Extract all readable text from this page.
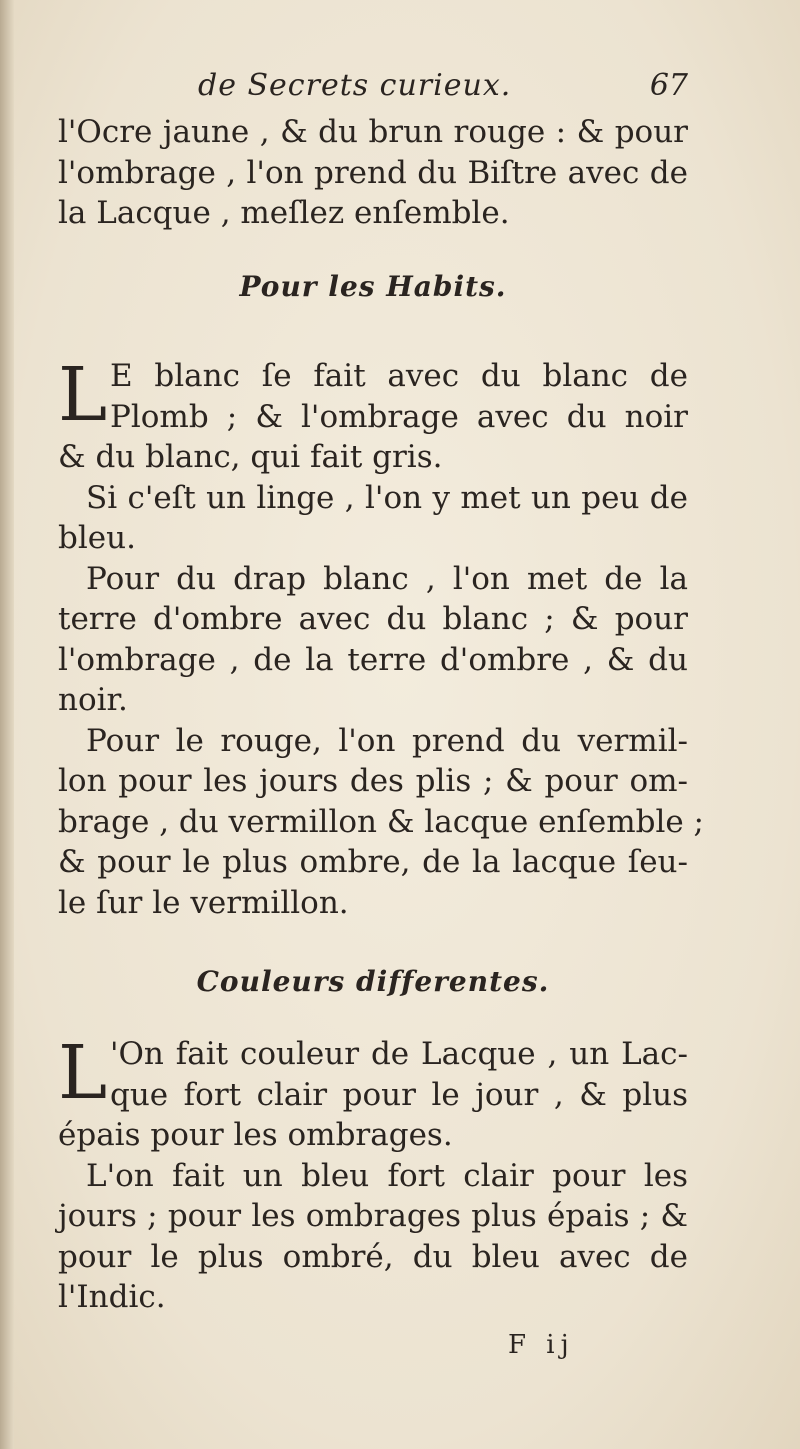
de Secrets curieux.	67
l'Ocre jaune , & du brun rouge : & pour
l'ombrage , l'on prend du Biſtre avec de
la Lacque , meſlez enſemble.
Pour les Habits.
L E blanc ſe fait avec du blanc de
Plomb ; & l'ombrage avec du noir
& du blanc, qui fait gris.
Si c'eſt un linge , l'on y met un peu de
bleu.
Pour du drap blanc , l'on met de la
terre d'ombre avec du blanc ; & pour
l'ombrage , de la terre d'ombre , & du
noir.
Pour le rouge, l'on prend du vermil-
lon pour les jours des plis ; & pour om-
brage , du vermillon & lacque enſemble ;
& pour le plus ombre, de la lacque ſeu-
le ſur le vermillon.
Couleurs differentes.
L 'On fait couleur de Lacque , un Lac-
que fort clair pour le jour , & plus
épais pour les ombrages.
L'on fait un bleu fort clair pour les
jours ; pour les ombrages plus épais ; &
pour le plus ombré, du bleu avec de
l'Indic.
F ij
